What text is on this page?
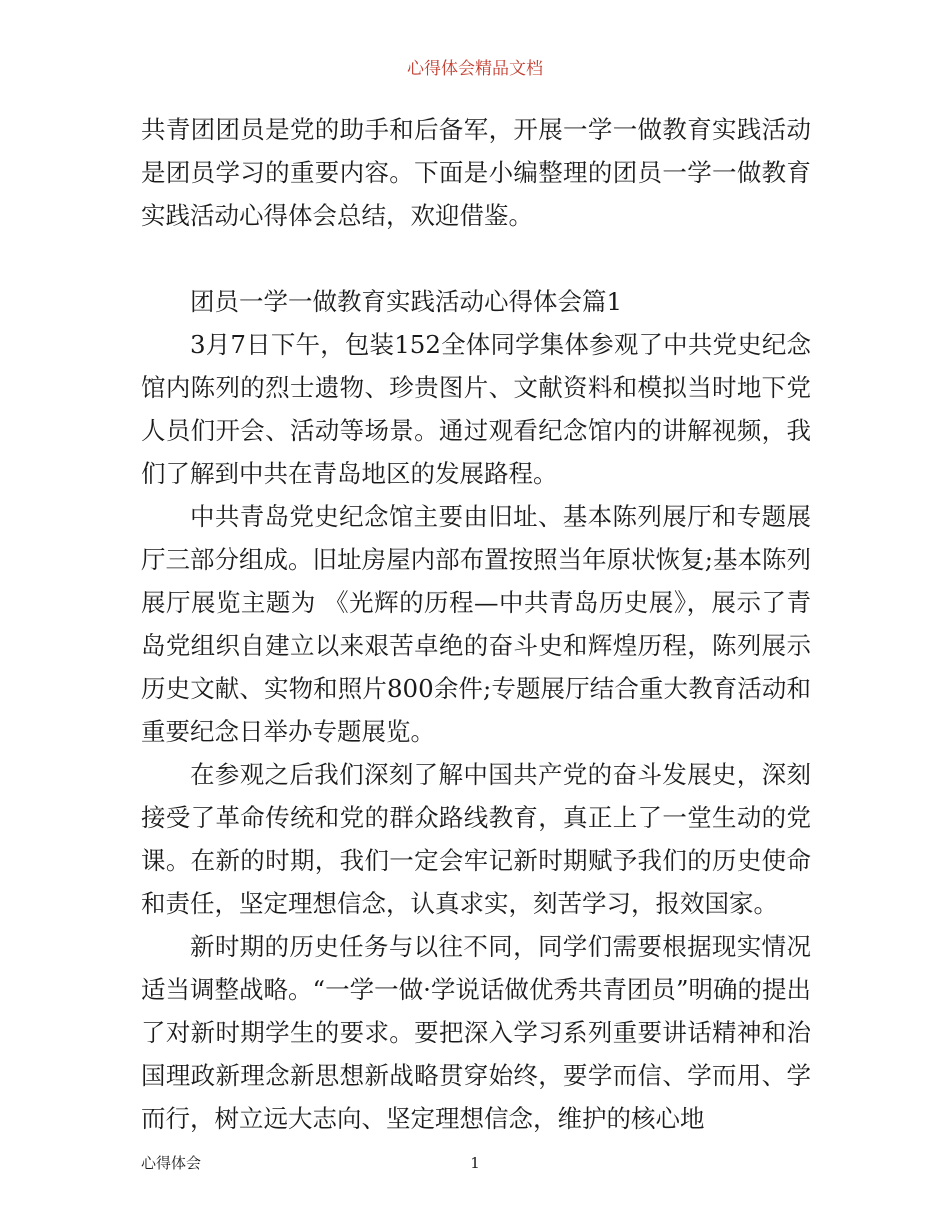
心得体会精品文档

共青团团员是党的助手和后备军，开展一学一做教育实践活动是团员学习的重要内容。下面是小编整理的团员一学一做教育实践活动心得体会总结，欢迎借鉴。

团员一学一做教育实践活动心得体会篇1

3月7日下午，包装152全体同学集体参观了中共党史纪念馆内陈列的烈士遗物、珍贵图片、文献资料和模拟当时地下党人员们开会、活动等场景。通过观看纪念馆内的讲解视频，我们了解到中共在青岛地区的发展路程。

中共青岛党史纪念馆主要由旧址、基本陈列展厅和专题展厅三部分组成。旧址房屋内部布置按照当年原状恢复;基本陈列展厅展览主题为 《光辉的历程—中共青岛历史展》，展示了青岛党组织自建立以来艰苦卓绝的奋斗史和辉煌历程，陈列展示历史文献、实物和照片800余件;专题展厅结合重大教育活动和重要纪念日举办专题展览。

在参观之后我们深刻了解中国共产党的奋斗发展史，深刻接受了革命传统和党的群众路线教育，真正上了一堂生动的党课。在新的时期，我们一定会牢记新时期赋予我们的历史使命和责任，坚定理想信念，认真求实，刻苦学习，报效国家。

新时期的历史任务与以往不同，同学们需要根据现实情况适当调整战略。“一学一做·学说话做优秀共青团员”明确的提出了对新时期学生的要求。要把深入学习系列重要讲话精神和治国理政新理念新思想新战略贯穿始终，要学而信、学而用、学而行，树立远大志向、坚定理想信念，维护的核心地

心得体会	1
